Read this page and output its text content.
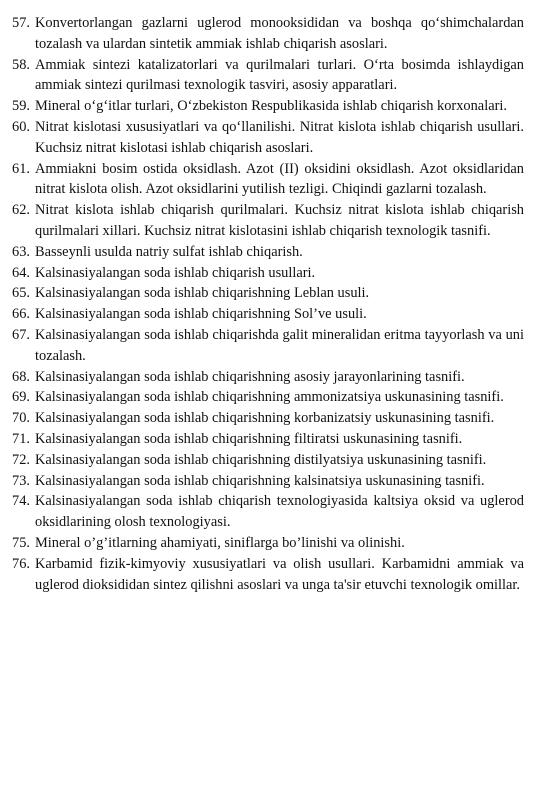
57. Konvertorlangan gazlarni uglerod monooksididan va boshqa qo‘shimchalardan tozalash va ulardan sintetik ammiak ishlab chiqarish asoslari.

58. Ammiak sintezi katalizatorlari va qurilmalari turlari. O‘rta bosimda ishlaydigan ammiak sintezi qurilmasi texnologik tasviri, asosiy apparatlari.

59. Mineral o‘g‘itlar turlari, O‘zbekiston Respublikasida ishlab chiqarish korxonalari.

60. Nitrat kislotasi xususiyatlari va qo‘llanilishi. Nitrat kislota ishlab chiqarish usullari. Kuchsiz nitrat kislotasi ishlab chiqarish asoslari.

61. Ammiakni bosim ostida oksidlash. Azot (II) oksidini oksidlash. Azot oksidlaridan nitrat kislota olish. Azot oksidlarini yutilish tezligi. Chiqindi gazlarni tozalash.

62. Nitrat kislota ishlab chiqarish qurilmalari. Kuchsiz nitrat kislota ishlab chiqarish qurilmalari xillari. Kuchsiz nitrat kislotasini ishlab chiqarish texnologik tasnifi.

63. Basseynli usulda natriy sulfat ishlab chiqarish.

64. Kalsinasiyalangan soda ishlab chiqarish usullari.

65. Kalsinasiyalangan soda ishlab chiqarishning Leblan usuli.

66. Kalsinasiyalangan soda ishlab chiqarishning Sol’ve usuli.

67. Kalsinasiyalangan soda ishlab chiqarishda galit mineralidan eritma tayyorlash va uni tozalash.

68. Kalsinasiyalangan soda ishlab chiqarishning asosiy jarayonlarining tasnifi.

69. Kalsinasiyalangan soda ishlab chiqarishning ammonizatsiya uskunasining tasnifi.

70. Kalsinasiyalangan soda ishlab chiqarishning korbanizatsiy uskunasining tasnifi.

71. Kalsinasiyalangan soda ishlab chiqarishning filtiratsi uskunasining tasnifi.

72. Kalsinasiyalangan soda ishlab chiqarishning distilyatsiya uskunasining tasnifi.

73. Kalsinasiyalangan soda ishlab chiqarishning kalsinatsiya uskunasining tasnifi.

74. Kalsinasiyalangan soda ishlab chiqarish texnologiyasida kaltsiya oksid va uglerod oksidlarining olosh texnologiyasi.

75. Mineral o’g’itlarning ahamiyati, siniflarga bo’linishi va olinishi.

76. Karbamid fizik-kimyoviy xususiyatlari va olish usullari. Karbamidni ammiak va uglerod dioksididan sintez qilishni asoslari va unga ta'sir etuvchi texnologik omillar.
